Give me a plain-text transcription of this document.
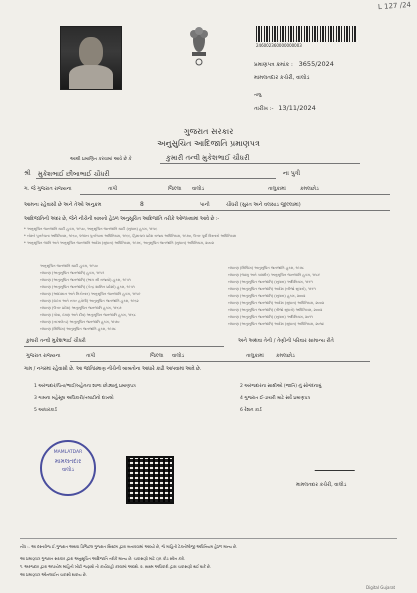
L 127 /24
246002360000000003
પ્રમાણપત્ર ક્રમાંક : 3655/2024
મામલતદાર કચેરી, વાલોડ
તાલુ
તારીખ :- 13/11/2024
ગુજરાત સરકાર
અનુસુચિત આદિજાતિ પ્રમાણપત્ર
આથી પ્રમાણિત કરવામાં આવે છે કે	કુમારી તન્વી મુકેશભાઈ ચૌધરી
શ્રી મુકેશભાઈ છીબાભાઈ ચૌધરી	ના પુત્રી
ગ. જે ગુજરાત રાજ્યના	તાપી	જિલ્લા વાલોડ	તાલુકામાં	કમલછોડ
આમના રહેવાસી છે અને તેઓ અનુક્રમ	8	પાની	ચૌધરી (સુરત અને વલસાડ જીલ્લામાં)
આદિજાતિની અંદર છે, જેને નીચેની બાબતો હેઠળ અનુસૂચિત આદિજાતિ તરીકે ઓળખવામાં આવે છે :-
* અનુસૂચિત જનજાતિ યાદી હુકમ, ૧૯૫૦, અનુસૂચિત જનજાતિ યાદી (સુધારા) હુકમ, ૧૯૫૬
* બોમ્બે પુનર્રચના અધિનિયમ, ૧૯૬૦, પંજાબ પુનર્રચના અધિનિયમ, ૧૯૬૬, હિમાચલ પ્રદેશ રાજ્ય અધિનિયમ, ૧૯૭૦, ઉત્તર પૂર્વી વિસ્તારો અધિનિયમ
* અનુસૂચિત જાતિ અને અનુસૂચિત જનજાતિ આદેશ (સુધારા) અધિનિયમ, ૧૯૭૬, અનુસૂચિત જનજાતિ (સુધારા) અધિનિયમ, ૨૦૦૨
અનુસૂચિત જનજાતિ યાદી હુકમ, ૧૯૫૦
બંધારણ (અનુસૂચિત જનજાતિ) હુકમ, ૧૯૫૧
બંધારણ (અનુસૂચિત જનજાતિ) (ભાગ સી રાજ્યો) હુકમ, ૧૯૫૧
બંધારણ (અનુસૂચિત જનજાતિ) (કેન્દ્ર શાસિત પ્રદેશો) હુકમ, ૧૯૫૧
બંધારણ (આંદામાન અને નિકોબાર) અનુસૂચિત જનજાતિ હુકમ, ૧૯૫૯
બંધારણ (દાદરા અને નગર હવેલી) અનુસૂચિત જનજાતિ હુકમ, ૧૯૬૨
બંધારણ (ઉત્તર પ્રદેશ) અનુસૂચિત જનજાતિ હુકમ, ૧૯૬૭
બંધારણ (ગોવા, દમણ અને દીવ) અનુસૂચિત જનજાતિ હુકમ, ૧૯૬૮
બંધારણ (નાગાલેન્ડ) અનુસૂચિત જનજાતિ હુકમ, ૧૯૭૦
બંધારણ (સિક્કિમ) અનુસૂચિત જનજાતિ હુકમ, ૧૯૭૮
બંધારણ (સિક્કિમ) અનુસૂચિત જનજાતિ હુકમ, ૧૯૭૮
બંધારણ (જમ્મુ અને કાશ્મીર) અનુસૂચિત જનજાતિ હુકમ, ૧૯૮૯
બંધારણ (અનુસૂચિત જનજાતિ) (સુધારા) અધિનિયમ, ૧૯૯૧
બંધારણ (અનુસૂચિત જનજાતિ) આદેશ (બીજો સુધારો), ૧૯૯૧
બંધારણ (અનુસૂચિત જનજાતિ) (સુધારા) હુકમ, ૨૦૦૨
બંધારણ (અનુસૂચિત જનજાતિ) આદેશ (સુધારા) અધિનિયમ, ૨૦૦૨
બંધારણ (અનુસૂચિત જનજાતિ) (ત્રીજો સુધારો) અધિનિયમ, ૨૦૦૨
બંધારણ (અનુસૂચિત જનજાતિ) (સુધારા) અધિનિયમ, ૨૦૧૧
બંધારણ (અનુસૂચિત જનજાતિ) આદેશ (સુધારા) અધિનિયમ, ૨૦૧૪
કુમારી તન્વી મુકેશભાઈ ચૌધરી	અને અથવા તેની / તેણીની પરિવાર સામાન્ય રીતે
ગુજરાત રાજ્યના	તાપી	જિલ્લા વાલોડ	તાલુકામાં કમલછોડ
ગામ / નગરમાં રહેવાસી છે. આ જાતિપ્રમાણ નીચેની બાબતોના આધારે કાઢી આપવામાં આવે છે.
1 અરજદાર/પિતા/ભાઈ/બહેનના શાળા છોડ્યાનું પ્રમાણપત્ર
3 ગામના મહેસૂલ અધિકારી/તલાટીનો દાખલો
5 આધારકાર્ડ
2 અરજદારના સાક્ષીઓ (જાતિ) નું સોગંદનામું
4 ગુજરાત ઈ-ડાયરી માટે સર્વે પ્રમાણપત્ર
6 રેશન કાર્ડ
MAMLATDAR
મામલતદાર
વાલોડ
મામલતદાર કચેરી, વાલોડ
નોંધ :- આ દસ્તાવેજ ઈ-ગુજરાત અથવા ડિજિટલ ગુજરાત સિસ્ટમ દ્વારા બનાવવામાં આવ્યો છે, જે માહિતી ટેકનોલોજી અધિનિયમ હેઠળ માન્ય છે.
આ પ્રમાણપત્ર ગુજરાત સરકાર દ્વારા અનુસૂચિત આદિજાતિ તરીકે માન્ય છે. ચકાસણી માટે QR કોડ સ્કેન કરો.
૧. અરજદાર દ્વારા અપાયેલ માહિતી ખોટી જણાશે તો કાર્યવાહી કરવામાં આવશે. ૨. સક્ષમ અધિકારી દ્વારા ચકાસણી થઈ શકે છે.
આ પ્રમાણપત્ર ઓનલાઈન ચકાસી શકાય છે.
Digital Gujarat
